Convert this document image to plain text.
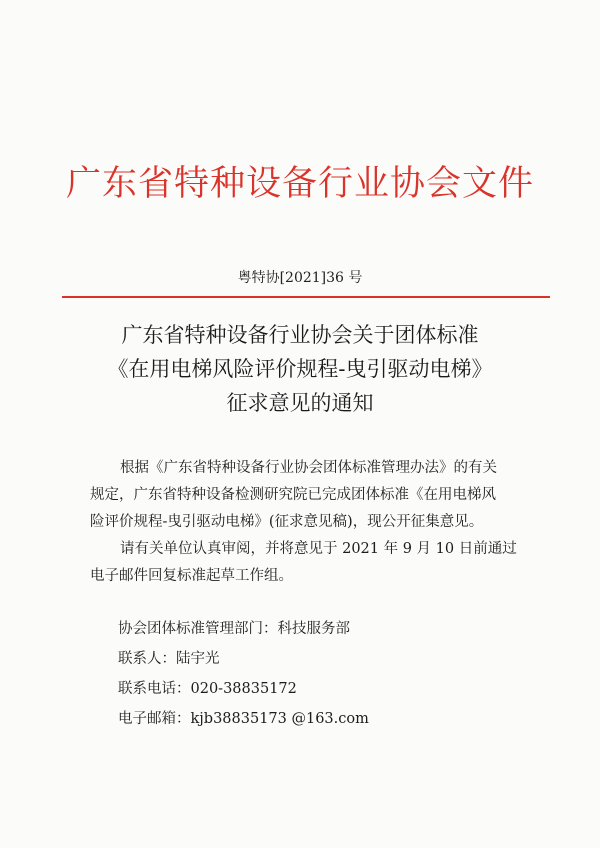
广东省特种设备行业协会文件
粤特协[2021]36 号
广东省特种设备行业协会关于团体标准
《在用电梯风险评价规程-曳引驱动电梯》
征求意见的通知

根据《广东省特种设备行业协会团体标准管理办法》的有关

规定，广东省特种设备检测研究院已完成团体标准《在用电梯风

险评价规程-曳引驱动电梯》(征求意见稿)，现公开征集意见。

请有关单位认真审阅，并将意见于 2021 年 9 月 10 日前通过

电子邮件回复标准起草工作组。

协会团体标准管理部门：科技服务部
联系人：陆宇光
联系电话：020-38835172
电子邮箱：kjb38835173 @163.com
